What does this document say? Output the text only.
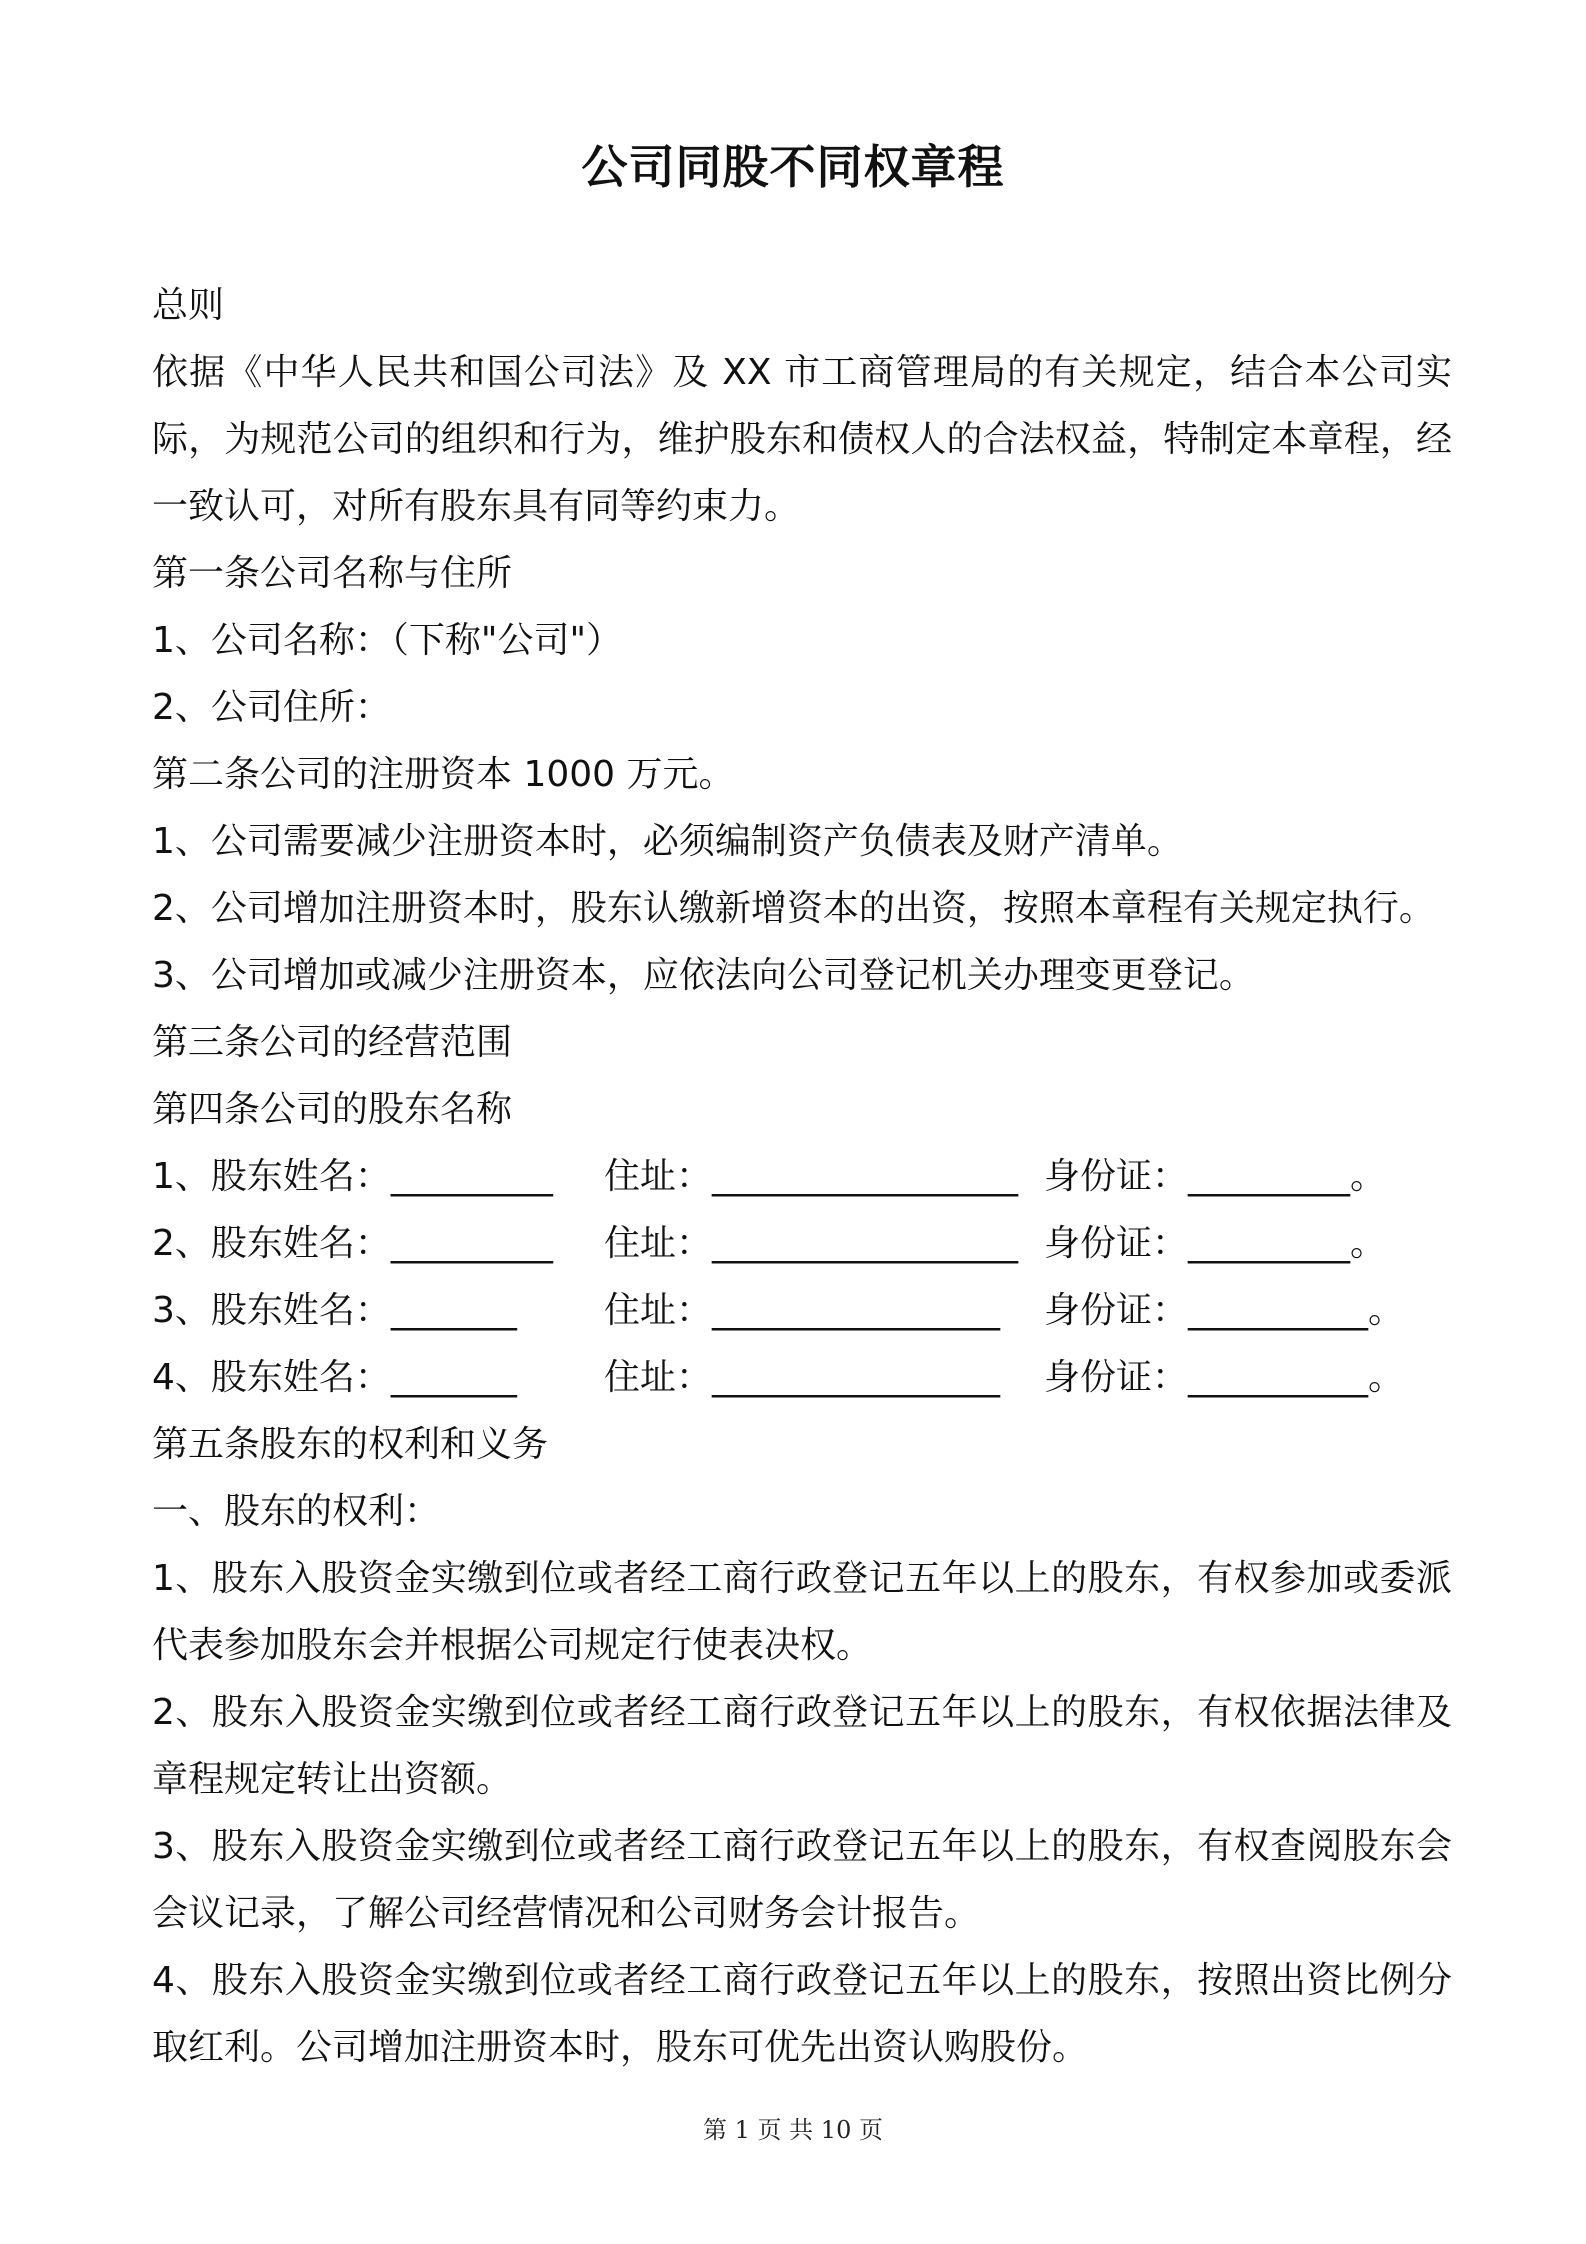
公司同股不同权章程
总则
依据《中华人民共和国公司法》及 XX 市工商管理局的有关规定，结合本公司实际，为规范公司的组织和行为，维护股东和债权人的合法权益，特制定本章程，经一致认可，对所有股东具有同等约束力。
第一条公司名称与住所
1、公司名称：（下称"公司"）
2、公司住所：
第二条公司的注册资本 1000 万元。
1、公司需要减少注册资本时，必须编制资产负债表及财产清单。
2、公司增加注册资本时，股东认缴新增资本的出资，按照本章程有关规定执行。
3、公司增加或减少注册资本，应依法向公司登记机关办理变更登记。
第三条公司的经营范围
第四条公司的股东名称
1、股东姓名：_________	住址：_________________ 身份证：_________。
2、股东姓名：_________	住址：_________________ 身份证：_________。
3、股东姓名：_______	住址：________________	身份证：__________。
4、股东姓名：_______	住址：________________	身份证：__________。
第五条股东的权利和义务
一、股东的权利：
1、股东入股资金实缴到位或者经工商行政登记五年以上的股东，有权参加或委派代表参加股东会并根据公司规定行使表决权。
2、股东入股资金实缴到位或者经工商行政登记五年以上的股东，有权依据法律及章程规定转让出资额。
3、股东入股资金实缴到位或者经工商行政登记五年以上的股东，有权查阅股东会会议记录，了解公司经营情况和公司财务会计报告。
4、股东入股资金实缴到位或者经工商行政登记五年以上的股东，按照出资比例分取红利。公司增加注册资本时，股东可优先出资认购股份。
第 1 页 共 10 页
